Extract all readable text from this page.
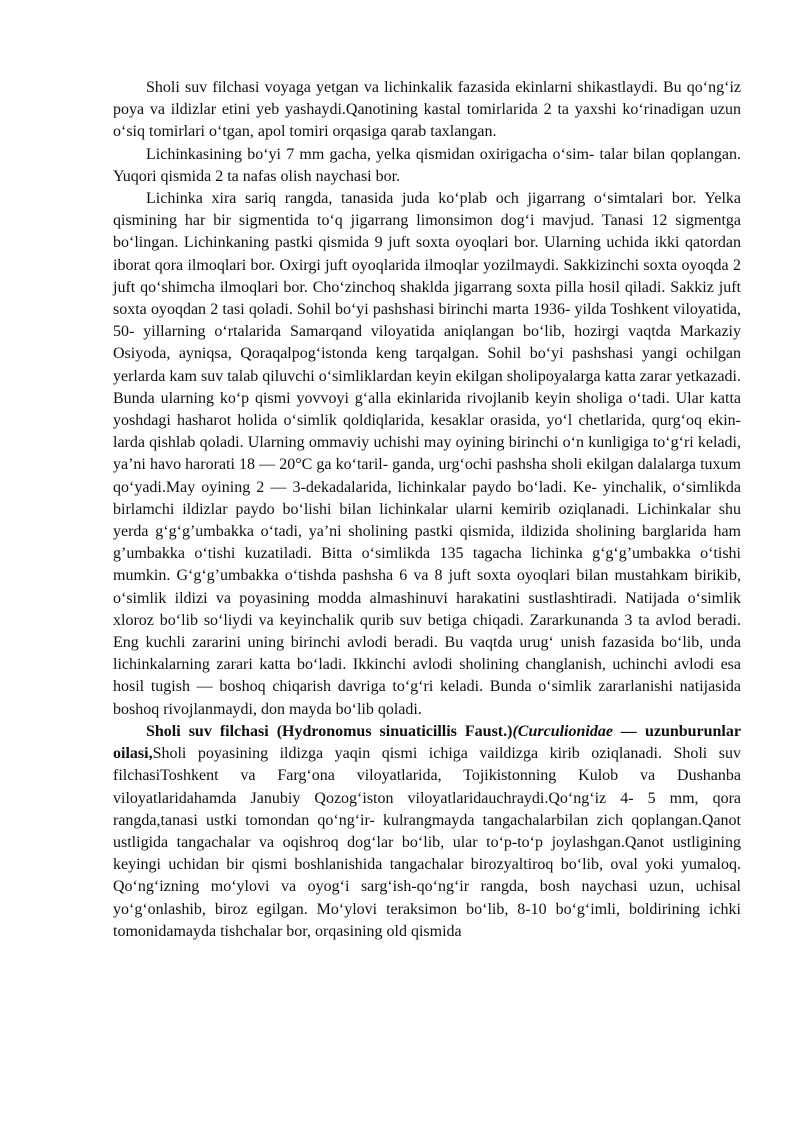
Sholi suv filchasi voyaga yetgan va lichinkalik fazasida ekinlarni shikastlaydi. Bu qo‘ng‘iz poya va ildizlar etini yeb yashaydi.Qanotining kastal tomirlarida 2 ta yaxshi ko‘rinadigan uzun o‘siq tomirlari o‘tgan, apol tomiri orqasiga qarab taxlangan.

Lichinkasining bo‘yi 7 mm gacha, yelka qismidan oxirigacha o‘sim- talar bilan qoplangan. Yuqori qismida 2 ta nafas olish naychasi bor.

Lichinka xira sariq rangda, tanasida juda ko‘plab och jigarrang o‘simtalari bor. Yelka qismining har bir sigmentida to‘q jigarrang limonsimon dog‘i mavjud. Tanasi 12 sigmentga bo‘lingan. Lichinkaning pastki qismida 9 juft soxta oyoqlari bor. Ularning uchida ikki qatordan iborat qora ilmoqlari bor. Oxirgi juft oyoqlarida ilmoqlar yozilmaydi. Sakkizinchi soxta oyoqda 2 juft qo‘shimcha ilmoqlari bor. Cho‘zinchoq shaklda jigarrang soxta pilla hosil qiladi. Sakkiz juft soxta oyoqdan 2 tasi qoladi. Sohil bo‘yi pashshasi birinchi marta 1936- yilda Toshkent viloyatida, 50- yillarning o‘rtalarida Samarqand viloyatida aniqlangan bo‘lib, hozirgi vaqtda Markaziy Osiyoda, ayniqsa, Qoraqalpog‘istonda keng tarqalgan. Sohil bo‘yi pashshasi yangi ochilgan yerlarda kam suv talab qiluvchi o‘simliklardan keyin ekilgan sholipoyalarga katta zarar yetkazadi. Bunda ularning ko‘p qismi yovvoyi g‘alla ekinlarida rivojlanib keyin sholiga o‘tadi. Ular katta yoshdagi hasharot holida o‘simlik qoldiqlarida, kesaklar orasida, yo‘l chetlarida, qurg‘oq ekin- larda qishlab qoladi. Ularning ommaviy uchishi may oyining birinchi o‘n kunligiga to‘g‘ri keladi, ya’ni havo harorati 18 — 20°C ga ko‘taril- ganda, urg‘ochi pashsha sholi ekilgan dalalarga tuxum qo‘yadi.May oyining 2 — 3-dekadalarida, lichinkalar paydo bo‘ladi. Ke- yinchalik, o‘simlikda birlamchi ildizlar paydo bo‘lishi bilan lichinkalar ularni kemirib oziqlanadi. Lichinkalar shu yerda g‘g‘g’umbakka o‘tadi, ya’ni sholining pastki qismida, ildizida sholining barglarida ham g’umbakka o‘tishi kuzatiladi. Bitta o‘simlikda 135 tagacha lichinka g‘g‘g’umbakka o‘tishi mumkin. G‘g‘g’umbakka o‘tishda pashsha 6 va 8 juft soxta oyoqlari bilan mustahkam birikib, o‘simlik ildizi va poyasining modda almashinuvi harakatini sustlashtiradi. Natijada o‘simlik xloroz bo‘lib so‘liydi va keyinchalik qurib suv betiga chiqadi. Zararkunanda 3 ta avlod beradi. Eng kuchli zararini uning birinchi avlodi beradi. Bu vaqtda urug‘ unish fazasida bo‘lib, unda lichinkalarning zarari katta bo‘ladi. Ikkinchi avlodi sholining changlanish, uchinchi avlodi esa hosil tugish — boshoq chiqarish davriga to‘g‘ri keladi. Bunda o‘simlik zararlanishi natijasida boshoq rivojlanmaydi, don mayda bo‘lib qoladi.

Sholi suv filchasi (Hydronomus sinuaticillis Faust.)(Curculionidae — uzunburunlar oilasi,Sholi poyasining ildizga yaqin qismi ichiga vaildizga kirib oziqlanadi. Sholi suv filchasiToshkent va Farg‘ona viloyatlarida, Tojikistonning Kulob va Dushanba viloyatlaridahamda Janubiy Qozog‘iston viloyatlaridauchraydi.Qo‘ng‘iz 4- 5 mm, qora rangda,tanasi ustki tomondan qo‘ng‘ir- kulrangmayda tangachalarbilan zich qoplangan.Qanot ustligida tangachalar va oqishroq dog‘lar bo‘lib, ular to‘p-to‘p joylashgan.Qanot ustligining keyingi uchidan bir qismi boshlanishida tangachalar birozyaltiroq bo‘lib, oval yoki yumaloq. Qo‘ng‘izning mo‘ylovi va oyog‘i sarg‘ish-qo‘ng‘ir rangda, bosh naychasi uzun, uchisal yo‘g‘onlashib, biroz egilgan. Mo‘ylovi teraksimon bo‘lib, 8-10 bo‘g‘imli, boldirining ichki tomonidamayda tishchalar bor, orqasining old qismida
